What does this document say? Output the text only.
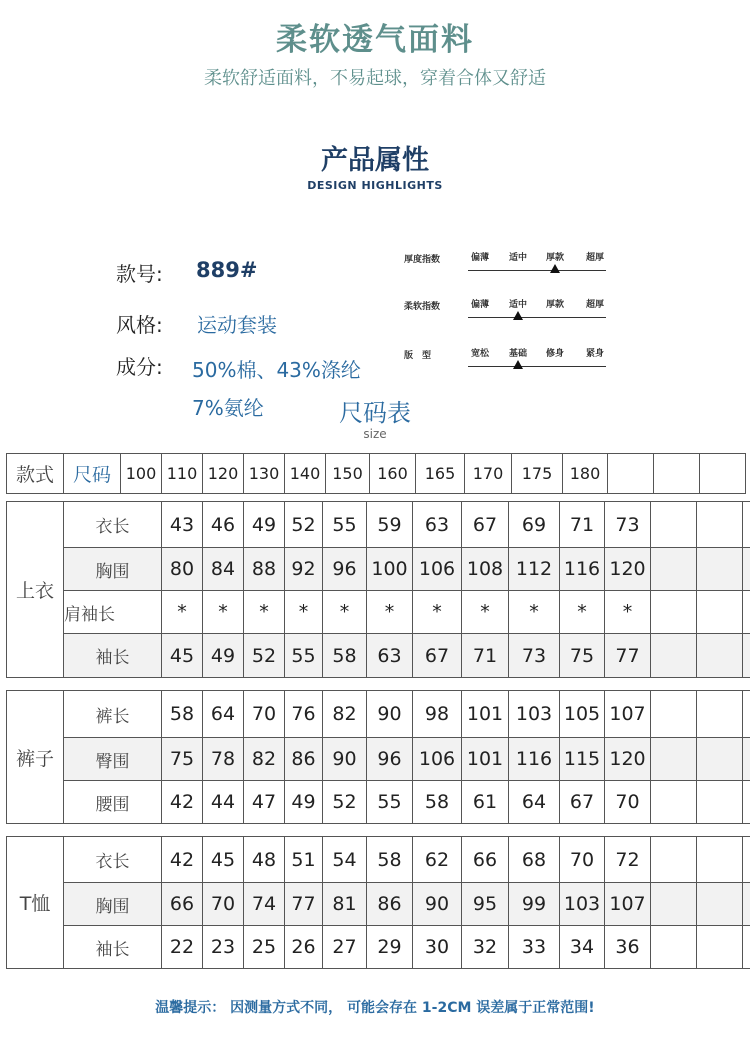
柔软透气面料
柔软舒适面料，不易起球，穿着合体又舒适
产品属性
DESIGN HIGHLIGHTS
款号: 889#
风格: 运动套装
成分: 50%棉、43%涤纶
7%氨纶
厚度指数	偏薄	适中	厚款	超厚
柔软指数	偏薄	适中	厚款	超厚
版　型	宽松	基础	修身	紧身
尺码表
size
款式	尺码	100	110	120	130	140	150	160	165	170	175	180			
上衣	衣长	43	46	49	52	55	59	63	67	69	71	73			
	胸围	80	84	88	92	96	100	106	108	112	116	120			
	肩袖长	*	*	*	*	*	*	*	*	*	*	*			
	袖长	45	49	52	55	58	63	67	71	73	75	77			
裤子	裤长	58	64	70	76	82	90	98	101	103	105	107			
	臀围	75	78	82	86	90	96	106	101	116	115	120			
	腰围	42	44	47	49	52	55	58	61	64	67	70			
T恤	衣长	42	45	48	51	54	58	62	66	68	70	72			
	胸围	66	70	74	77	81	86	90	95	99	103	107			
	袖长	22	23	25	26	27	29	30	32	33	34	36			
温馨提示： 因测量方式不同， 可能会存在 1-2CM 误差属于正常范围!
